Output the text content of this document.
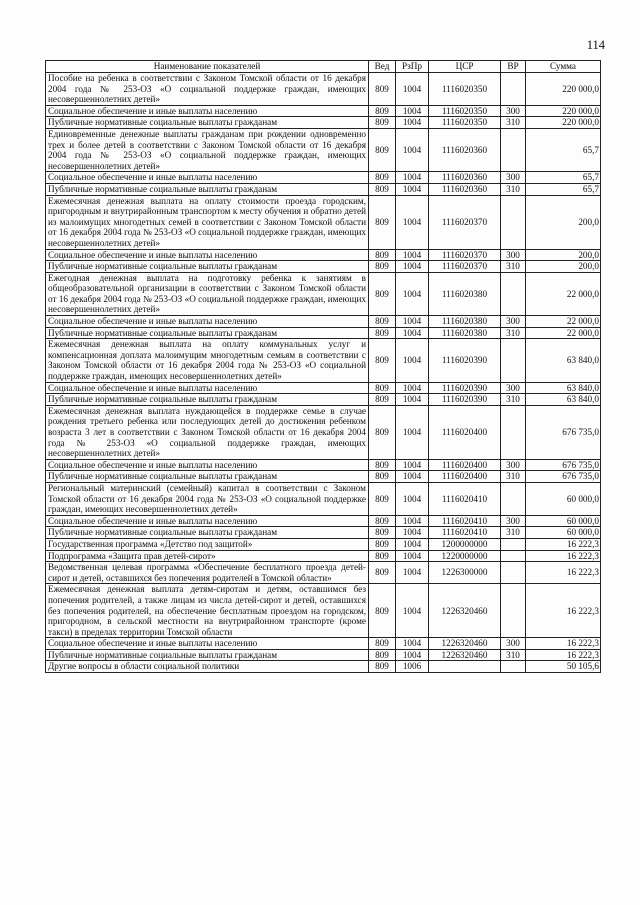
114
Наименование показателей	Вед	РзПр	ЦСР	ВР	Сумма
Пособие на ребенка в соответствии с Законом Томской области от 16 декабря 2004 года № 253-ОЗ «О социальной поддержке граждан, имеющих несовершеннолетних детей»	809	1004	1116020350		220 000,0
Социальное обеспечение и иные выплаты населению	809	1004	1116020350	300	220 000,0
Публичные нормативные социальные выплаты гражданам	809	1004	1116020350	310	220 000,0
Единовременные денежные выплаты гражданам при рождении одновременно трех и более детей в соответствии с Законом Томской области от 16 декабря 2004 года № 253-ОЗ «О социальной поддержке граждан, имеющих несовершеннолетних детей»	809	1004	1116020360		65,7
Социальное обеспечение и иные выплаты населению	809	1004	1116020360	300	65,7
Публичные нормативные социальные выплаты гражданам	809	1004	1116020360	310	65,7
Ежемесячная денежная выплата на оплату стоимости проезда городским, пригородным и внутрирайонным транспортом к месту обучения и обратно детей из малоимущих многодетных семей в соответствии с Законом Томской области от 16 декабря 2004 года № 253-ОЗ «О социальной поддержке граждан, имеющих несовершеннолетних детей»	809	1004	1116020370		200,0
Социальное обеспечение и иные выплаты населению	809	1004	1116020370	300	200,0
Публичные нормативные социальные выплаты гражданам	809	1004	1116020370	310	200,0
Ежегодная денежная выплата на подготовку ребенка к занятиям в общеобразовательной организации в соответствии с Законом Томской области от 16 декабря 2004 года № 253-ОЗ «О социальной поддержке граждан, имеющих несовершеннолетних детей»	809	1004	1116020380		22 000,0
Социальное обеспечение и иные выплаты населению	809	1004	1116020380	300	22 000,0
Публичные нормативные социальные выплаты гражданам	809	1004	1116020380	310	22 000,0
Ежемесячная денежная выплата на оплату коммунальных услуг и компенсационная доплата малоимущим многодетным семьям в соответствии с Законом Томской области от 16 декабря 2004 года № 253-ОЗ «О социальной поддержке граждан, имеющих несовершеннолетних детей»	809	1004	1116020390		63 840,0
Социальное обеспечение и иные выплаты населению	809	1004	1116020390	300	63 840,0
Публичные нормативные социальные выплаты гражданам	809	1004	1116020390	310	63 840,0
Ежемесячная денежная выплата нуждающейся в поддержке семье в случае рождения третьего ребенка или последующих детей до достижения ребенком возраста 3 лет в соответствии с Законом Томской области от 16 декабря 2004 года № 253-ОЗ «О социальной поддержке граждан, имеющих несовершеннолетних детей»	809	1004	1116020400		676 735,0
Социальное обеспечение и иные выплаты населению	809	1004	1116020400	300	676 735,0
Публичные нормативные социальные выплаты гражданам	809	1004	1116020400	310	676 735,0
Региональный материнский (семейный) капитал в соответствии с Законом Томской области от 16 декабря 2004 года № 253-ОЗ «О социальной поддержке граждан, имеющих несовершеннолетних детей»	809	1004	1116020410		60 000,0
Социальное обеспечение и иные выплаты населению	809	1004	1116020410	300	60 000,0
Публичные нормативные социальные выплаты гражданам	809	1004	1116020410	310	60 000,0
Государственная программа «Детство под защитой»	809	1004	1200000000		16 222,3
Подпрограмма «Защита прав детей-сирот»	809	1004	1220000000		16 222,3
Ведомственная целевая программа «Обеспечение бесплатного проезда детей-сирот и детей, оставшихся без попечения родителей в Томской области»	809	1004	1226300000		16 222,3
Ежемесячная денежная выплата детям-сиротам и детям, оставшимся без попечения родителей, а также лицам из числа детей-сирот и детей, оставшихся без попечения родителей, на обеспечение бесплатным проездом на городском, пригородном, в сельской местности на внутрирайонном транспорте (кроме такси) в пределах территории Томской области	809	1004	1226320460		16 222,3
Социальное обеспечение и иные выплаты населению	809	1004	1226320460	300	16 222,3
Публичные нормативные социальные выплаты гражданам	809	1004	1226320460	310	16 222,3
Другие вопросы в области социальной политики	809	1006			50 105,6
